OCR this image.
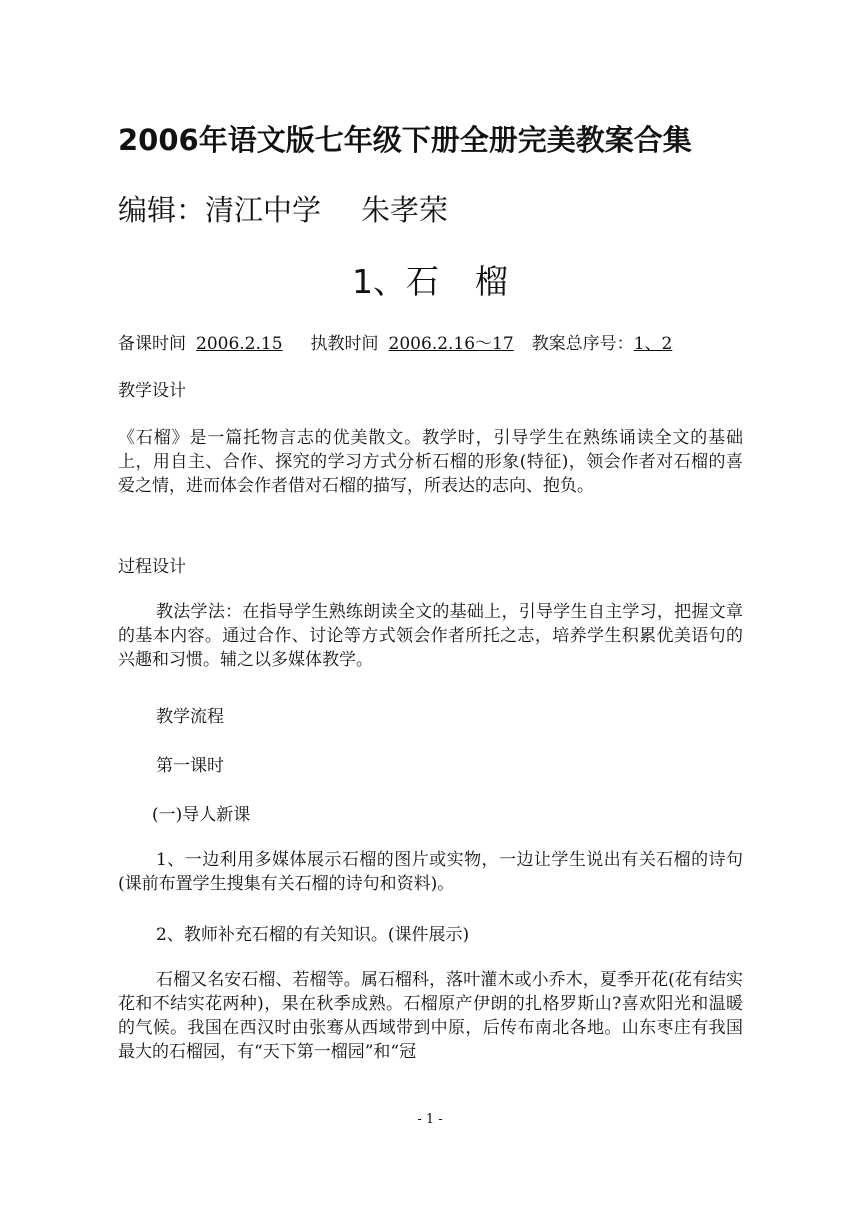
2006年语文版七年级下册全册完美教案合集
编辑：清江中学 朱孝荣
1、石 榴
备课时间 2006.2.15 执教时间 2006.2.16～17 教案总序号：1、2
教学设计
《石榴》是一篇托物言志的优美散文。教学时，引导学生在熟练诵读全文的基础上，用自主、合作、探究的学习方式分析石榴的形象(特征)，领会作者对石榴的喜爱之情，进而体会作者借对石榴的描写，所表达的志向、抱负。
过程设计
教法学法：在指导学生熟练朗读全文的基础上，引导学生自主学习，把握文章的基本内容。通过合作、讨论等方式领会作者所托之志，培养学生积累优美语句的兴趣和习惯。辅之以多媒体教学。
教学流程
第一课时
(一)导人新课
1、一边利用多媒体展示石榴的图片或实物，一边让学生说出有关石榴的诗句(课前布置学生搜集有关石榴的诗句和资料)。
2、教师补充石榴的有关知识。(课件展示)
石榴又名安石榴、若榴等。属石榴科，落叶灌木或小乔木，夏季开花(花有结实花和不结实花两种)，果在秋季成熟。石榴原产伊朗的扎格罗斯山?喜欢阳光和温暖的气候。我国在西汉时由张骞从西域带到中原，后传布南北各地。山东枣庄有我国最大的石榴园，有“天下第一榴园”和“冠
- 1 -
